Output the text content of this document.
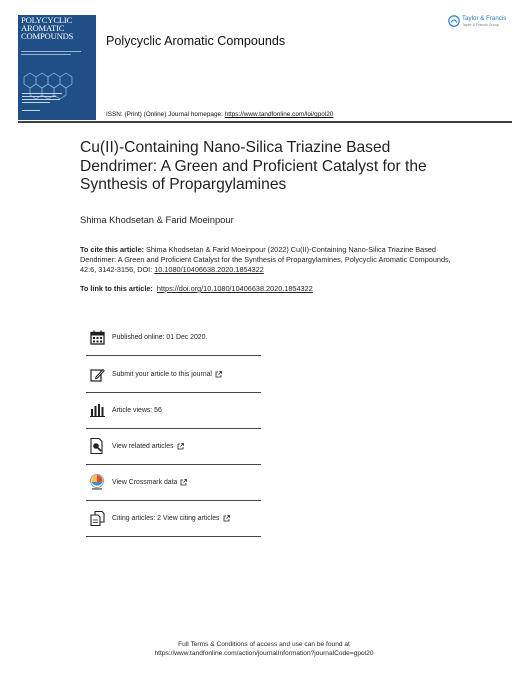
POLYCYCLIC
AROMATIC
COMPOUNDS	Polycyclic Aromatic Compounds
Taylor & Francis
Taylor & Francis Group
ISSN: (Print) (Online) Journal homepage: https://www.tandfonline.com/loi/gpol20
Cu(II)-Containing Nano-Silica Triazine Based Dendrimer: A Green and Proficient Catalyst for the Synthesis of Propargylamines
Shima Khodsetan & Farid Moeinpour
To cite this article: Shima Khodsetan & Farid Moeinpour (2022) Cu(II)-Containing Nano-Silica Triazine Based Dendrimer: A Green and Proficient Catalyst for the Synthesis of Propargylamines, Polycyclic Aromatic Compounds, 42:6, 3142-3156, DOI: 10.1080/10406638.2020.1854322
To link to this article: https://doi.org/10.1080/10406638.2020.1854322
Published online: 01 Dec 2020.
Submit your article to this journal
Article views: 56
View related articles
View Crossmark data
Citing articles: 2 View citing articles
Full Terms & Conditions of access and use can be found at
https://www.tandfonline.com/action/journalInformation?journalCode=gpol20
